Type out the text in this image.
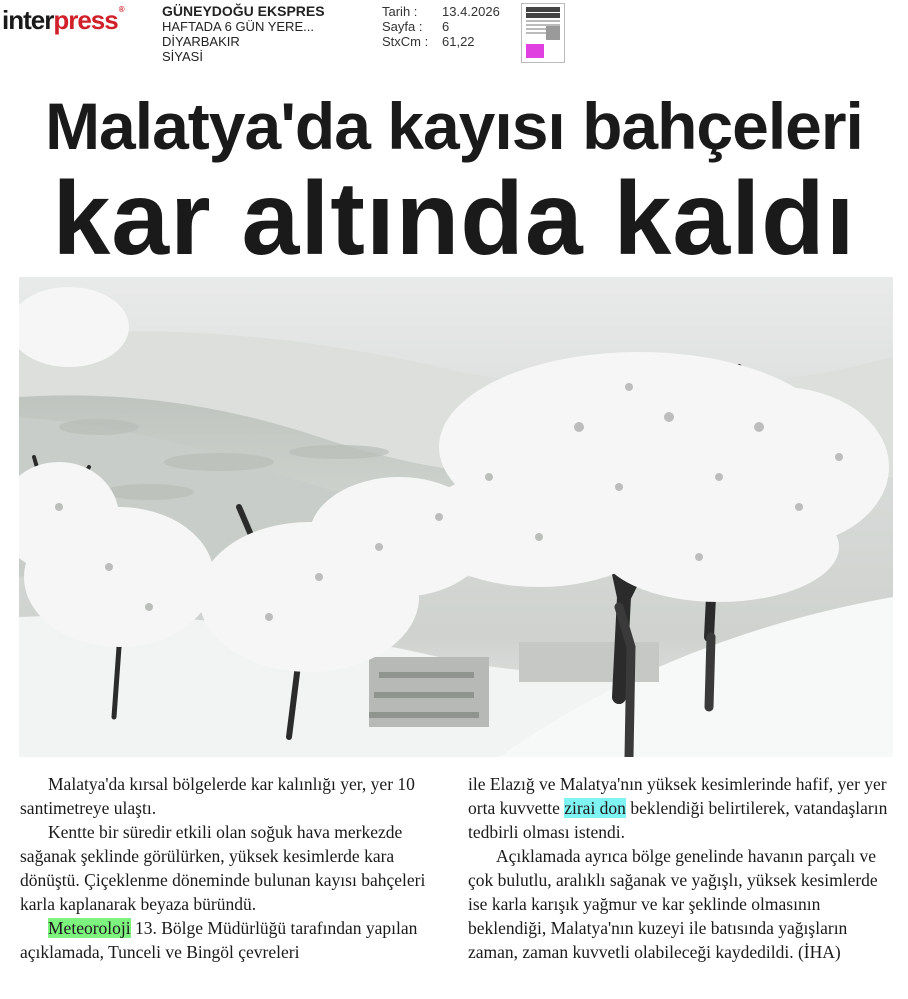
interpress®	GÜNEYDOĞU EKSPRES
HAFTADA 6 GÜN YERE...
DİYARBAKIR
SİYASİ
Tarih :	13.4.2026
Sayfa :	6
StxCm :	61,22
Malatya'da kayısı bahçeleri
kar altında kaldı

Malatya'da kırsal bölgelerde kar kalınlığı yer, yer 10 santimetreye ulaştı.

Kentte bir süredir etkili olan soğuk hava merkezde sağanak şeklinde görülürken, yüksek kesimlerde kara dönüştü. Çiçeklenme döneminde bulunan kayısı bahçeleri karla kaplanarak beyaza büründü.

Meteoroloji 13. Bölge Müdürlüğü tarafından yapılan açıklamada, Tunceli ve Bingöl çevreleri

ile Elazığ ve Malatya'nın yüksek kesimlerinde hafif, yer yer orta kuvvette zirai don beklendiği belirtilerek, vatandaşların tedbirli olması istendi.

Açıklamada ayrıca bölge genelinde havanın parçalı ve çok bulutlu, aralıklı sağanak ve yağışlı, yüksek kesimlerde ise karla karışık yağmur ve kar şeklinde olmasının beklendiği, Malatya'nın kuzeyi ile batısında yağışların zaman, zaman kuvvetli olabileceği kaydedildi. (İHA)
